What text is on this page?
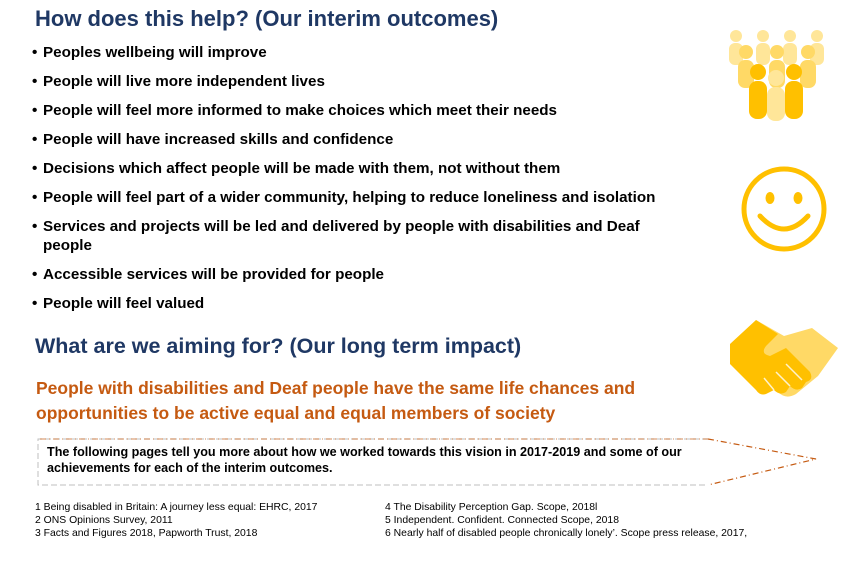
How does this help? (Our interim outcomes)
• Peoples wellbeing will improve
• People will live more independent lives
• People will feel more informed to make choices which meet their needs
• People will have increased skills and confidence
• Decisions which affect people will be made with them, not without them
• People will feel part of a wider community, helping to reduce loneliness and isolation
• Services and projects will be led and delivered by people with disabilities and Deaf people
• Accessible services will be provided for people
• People will feel valued
What are we aiming for? (Our long term impact)
People with disabilities and Deaf people have the same life chances and opportunities to be active equal and equal members of society
The following pages tell you more about how we worked towards this vision in 2017-2019 and some of our achievements for each of the interim outcomes.
1 Being disabled in Britain: A journey less equal: EHRC, 2017
2 ONS Opinions Survey, 2011
3 Facts and Figures 2018, Papworth Trust, 2018
4 The Disability Perception Gap. Scope, 2018l
5 Independent. Confident. Connected Scope, 2018
6 Nearly half of disabled people chronically lonely’. Scope press release, 2017,
